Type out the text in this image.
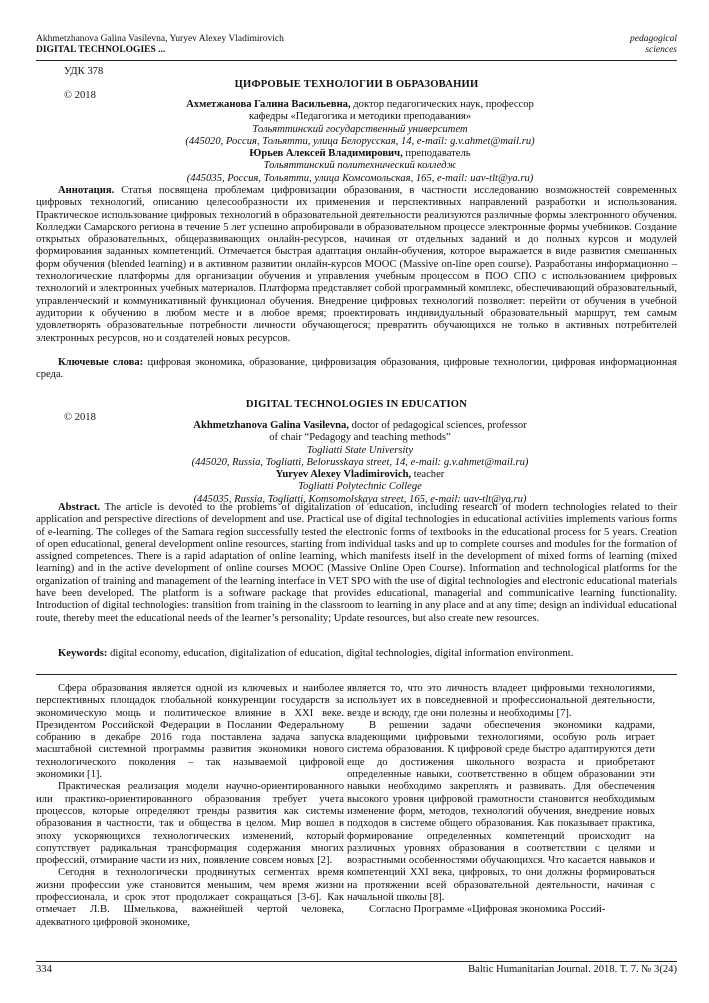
Akhmetzhanova Galina Vasilevna, Yuryev Alexey Vladimirovich
DIGITAL TECHNOLOGIES ...
pedagogical
sciences
УДК 378
ЦИФРОВЫЕ ТЕХНОЛОГИИ В ОБРАЗОВАНИИ
© 2018
Ахметжанова Галина Васильевна, доктор педагогических наук, профессор
кафедры «Педагогика и методики преподавания»
Тольяттинский государственный университет
(445020, Россия, Тольятти, улица Белорусская, 14, e-mail: g.v.ahmet@mail.ru)
Юрьев Алексей Владимирович, преподаватель
Тольяттинский политехнический колледж
(445035, Россия, Тольятти, улица Комсомольская, 165, e-mail: uav-tlt@ya.ru)
Аннотация. Статья посвящена проблемам цифровизации образования, в частности исследованию возможностей современных цифровых технологий, описанию целесообразности их применения и перспективных направлений разработки и использования. Практическое использование цифровых технологий в образовательной деятельности реализуются различные формы электронного обучения. Колледжи Самарского региона в течение 5 лет успешно апробировали в образовательном процессе электронные формы учебников. Создание открытых образовательных, общеразвивающих онлайн-ресурсов, начиная от отдельных заданий и до полных курсов и модулей формирования заданных компетенций. Отмечается быстрая адаптация онлайн-обучения, которое выражается в виде развития смешанных форм обучения (blended learning) и в активном развитии онлайн-курсов МООС (Massive on-line open course). Разработаны информационно – технологические платформы для организации обучения и управления учебным процессом в ПОО СПО с использованием цифровых технологий и электронных учебных материалов. Платформа представляет собой программный комплекс, обеспечивающий образовательный, управленческий и коммуникативный функционал обучения. Внедрение цифровых технологий позволяет: перейти от обучения в учебной аудитории к обучению в любом месте и в любое время; проектировать индивидуальный образовательный маршрут, тем самым удовлетворять образовательные потребности личности обучающегося; превратить обучающихся не только в активных потребителей электронных ресурсов, но и создателей новых ресурсов.
Ключевые слова: цифровая экономика, образование, цифровизация образования, цифровые технологии, цифровая информационная среда.
DIGITAL TECHNOLOGIES IN EDUCATION
© 2018
Akhmetzhanova Galina Vasilevna, doctor of pedagogical sciences, professor
of chair “Pedagogy and teaching methods”
Togliatti State University
(445020, Russia, Togliatti, Belorusskaya street, 14, e-mail: g.v.ahmet@mail.ru)
Yuryev Alexey Vladimirovich, teacher
Togliatti Polytechnic College
(445035, Russia, Togliatti, Komsomolskaya street, 165, e-mail: uav-tlt@ya.ru)
Abstract. The article is devoted to the problems of digitalization of education, including research of modern technologies related to their application and perspective directions of development and use. Practical use of digital technologies in educational activities implements various forms of e-learning. The colleges of the Samara region successfully tested the electronic forms of textbooks in the educational process for 5 years. Creation of open educational, general development online resources, starting from individual tasks and up to complete courses and modules for the formation of assigned competences. There is a rapid adaptation of online learning, which manifests itself in the development of mixed forms of learning (mixed learning) and in the active development of online courses MOOC (Massive Online Open Course). Information and technological platforms for the organization of training and management of the learning interface in VET SPO with the use of digital technologies and electronic educational materials have been developed. The platform is a software package that provides educational, managerial and communicative learning functionality. Introduction of digital technologies: transition from training in the classroom to learning in any place and at any time; design an individual educational route, thereby meet the educational needs of the learner’s personality; Update resources, but also create new resources.
Keywords: digital economy, education, digitalization of education, digital technologies, digital information environment.

Сфера образования является одной из ключевых и наиболее перспективных площадок глобальной конкуренции государств за экономическую мощь и политическое влияние в XXI веке. Президентом Российской Федерации в Послании Федеральному собранию в декабре 2016 года поставлена задача запуска масштабной системной программы развития экономики нового технологического поколения – так называемой цифровой экономики [1].

Практическая реализация модели научно-ориентированного или практико-ориентированного образования требует учета процессов, которые определяют тренды развития как системы образования в частности, так и общества в целом. Мир вошел в эпоху ускоряющихся технологических изменений, который сопутствует радикальная трансформация содержания многих профессий, отмирание части из них, появление совсем новых [2].

Сегодня в технологически продвинутых сегментах время жизни профессии уже становится меньшим, чем время жизни профессионала, и срок этот продолжает сокращаться [3-6]. Как отмечает Л.В. Шмелькова, важнейшей чертой человека, адекватного цифровой экономике,

является то, что это личность владеет цифровыми технологиями, использует их в повседневной и профессиональной деятельности, везде и всюду, где они полезны и необходимы [7].

В решении задачи обеспечения экономики кадрами, владеющими цифровыми технологиями, особую роль играет система образования. К цифровой среде быстро адаптируются дети еще до достижения школьного возраста и приобретают определенные навыки, соответственно в общем образовании эти навыки необходимо закреплять и развивать. Для обеспечения высокого уровня цифровой грамотности становится необходимым изменение форм, методов, технологий обучения, внедрение новых подходов в системе общего образования. Как показывает практика, формирование определенных компетенций происходит на различных уровнях образования в соответствии с целями и возрастными особенностями обучающихся. Что касается навыков и компетенций XXI века, цифровых, то они должны формироваться на протяжении всей образовательной деятельности, начиная с начальной школы [8].

Согласно Программе «Цифровая экономика Россий-

334	Baltic Humanitarian Journal. 2018. T. 7. № 3(24)
